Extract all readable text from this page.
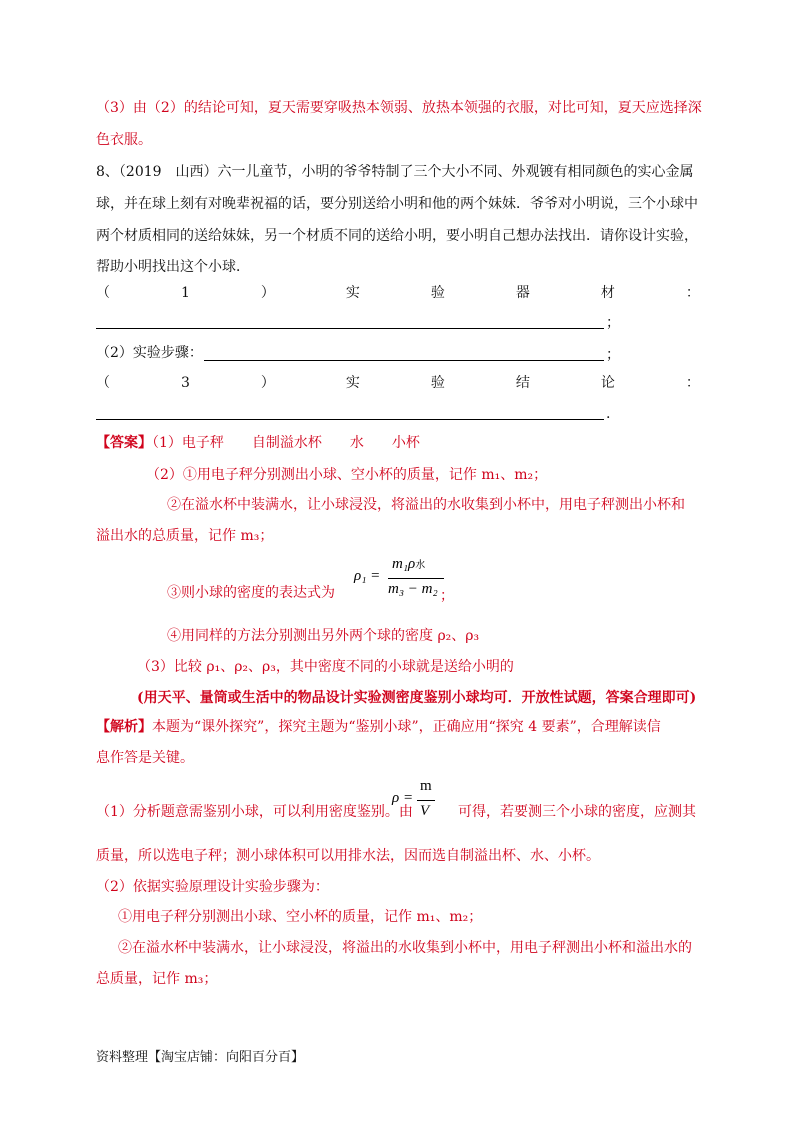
（3）由（2）的结论可知，夏天需要穿吸热本领弱、放热本领强的衣服，对比可知，夏天应选择深
色衣服。
8、（2019　山西）六一儿童节，小明的爷爷特制了三个大小不同、外观镀有相同颜色的实心金属
球，并在球上刻有对晚辈祝福的话，要分别送给小明和他的两个妹妹．爷爷对小明说，三个小球中
两个材质相同的送给妹妹，另一个材质不同的送给小明，要小明自己想办法找出．请你设计实验，
帮助小明找出这个小球．
（	1	）	实	验	器	材	：
；
（2）实验步骤：	；
（	3	）	实	验	结	论	：
.
【答案】（1）电子秤　　自制溢水杯　　水　　小杯
（2）①用电子秤分别测出小球、空小杯的质量，记作 m₁、m₂；
②在溢水杯中装满水，让小球浸没，将溢出的水收集到小杯中，用电子秤测出小杯和
溢出水的总质量，记作 m₃；
ρ₁ =
m₁ρ水
m₃ − m₂
③则小球的密度的表达式为	；
④用同样的方法分别测出另外两个球的密度 ρ₂、ρ₃
（3）比较 ρ₁、ρ₂、ρ₃，其中密度不同的小球就是送给小明的
(用天平、量筒或生活中的物品设计实验测密度鉴别小球均可．开放性试题，答案合理即可)
【解析】本题为“课外探究”，探究主题为“鉴别小球”，正确应用“探究 4 要素”，合理解读信
息作答是关键。
（1）分析题意需鉴别小球，可以利用密度鉴别。由
ρ =
m
V 可得，若要测三个小球的密度，应测其
质量，所以选电子秤；测小球体积可以用排水法，因而选自制溢出杯、水、小杯。
（2）依据实验原理设计实验步骤为：
①用电子秤分别测出小球、空小杯的质量，记作 m₁、m₂；
②在溢水杯中装满水，让小球浸没，将溢出的水收集到小杯中，用电子秤测出小杯和溢出水的
总质量，记作 m₃；
资料整理【淘宝店铺：向阳百分百】
